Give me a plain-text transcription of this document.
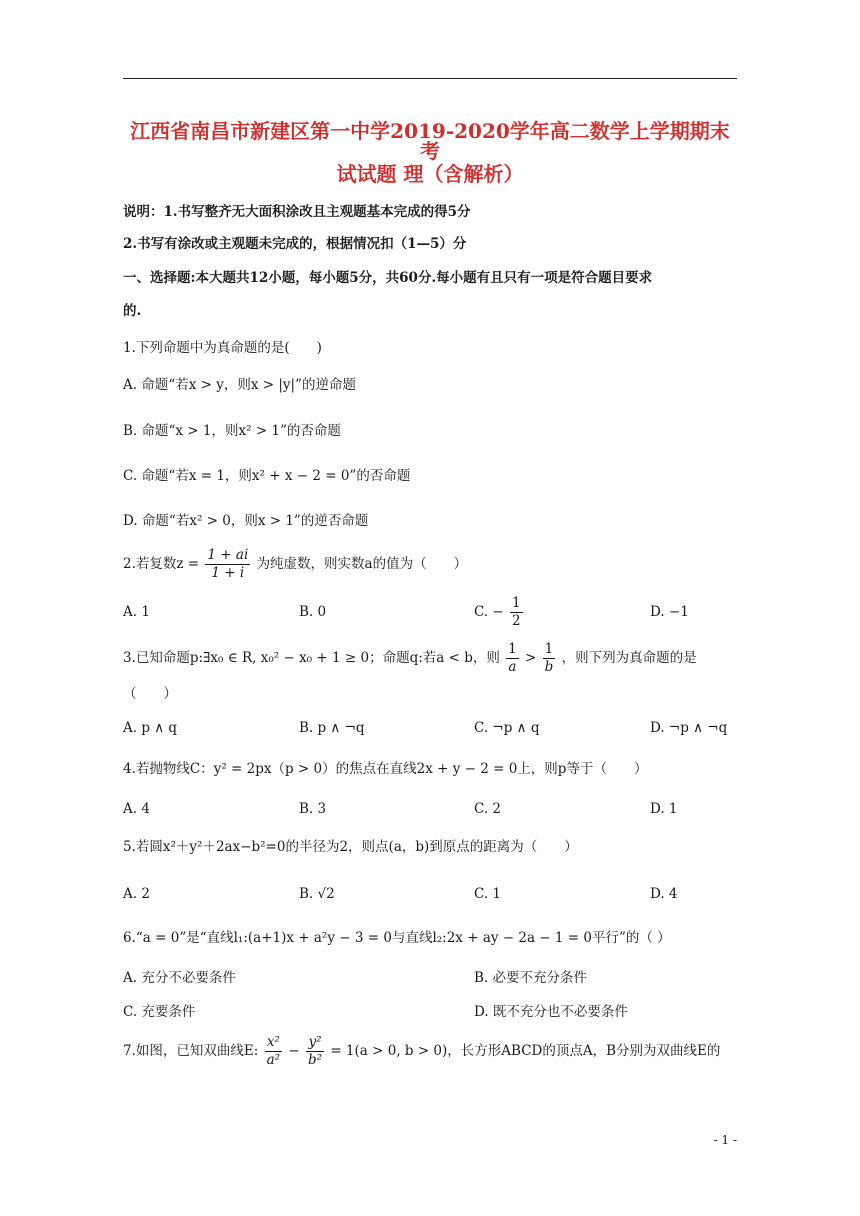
江西省南昌市新建区第一中学2019-2020学年高二数学上学期期末考
试试题 理（含解析）
说明：1.书写整齐无大面积涂改且主观题基本完成的得5分
2.书写有涂改或主观题未完成的，根据情况扣（1—5）分
一、选择题:本大题共12小题，每小题5分，共60分.每小题有且只有一项是符合题目要求
的.
1.下列命题中为真命题的是(　　)
A. 命题“若x > y，则x > |y|”的逆命题
B. 命题“x > 1，则x² > 1”的否命题
C. 命题“若x = 1，则x² + x − 2 = 0”的否命题
D. 命题“若x² > 0，则x > 1”的逆否命题
2.若复数$z = \frac{1 + ai}{1 + i}$ 为纯虚数，则实数a的值为（　　）
A. 1	B. 0	C. − $\frac{1}{2}$	D. −1
3.已知命题p:∃x₀ ∈ R, x₀² − x₀ + 1 ≥ 0；命题q:若a < b，则 $\frac{1}{a} > \frac{1}{b}$ ，则下列为真命题的是
（　　）
A. p ∧ q	B. p ∧ ¬q	C. ¬p ∧ q	D. ¬p ∧ ¬q
4.若抛物线C：y² = 2px（p > 0）的焦点在直线2x + y − 2 = 0上，则p等于（　　）
A. 4	B. 3	C. 2	D. 1
5.若圆x²＋y²＋2ax−b²=0的半径为2，则点(a，b)到原点的距离为（　　）
A. 2	B. √2	C. 1	D. 4
6.“a = 0”是“直线l₁:(a+1)x + a²y − 3 = 0与直线l₂:2x + ay − 2a − 1 = 0平行”的（ ）
A. 充分不必要条件	B. 必要不充分条件
C. 充要条件	D. 既不充分也不必要条件
7.如图，已知双曲线E: $\frac{\text{x²}}{\text{a²}} - \frac{\text{y²}}{\text{b²}} = 1(a > 0$, b > 0)，长方形ABCD的顶点A，B分别为双曲线E的
- 1 -
